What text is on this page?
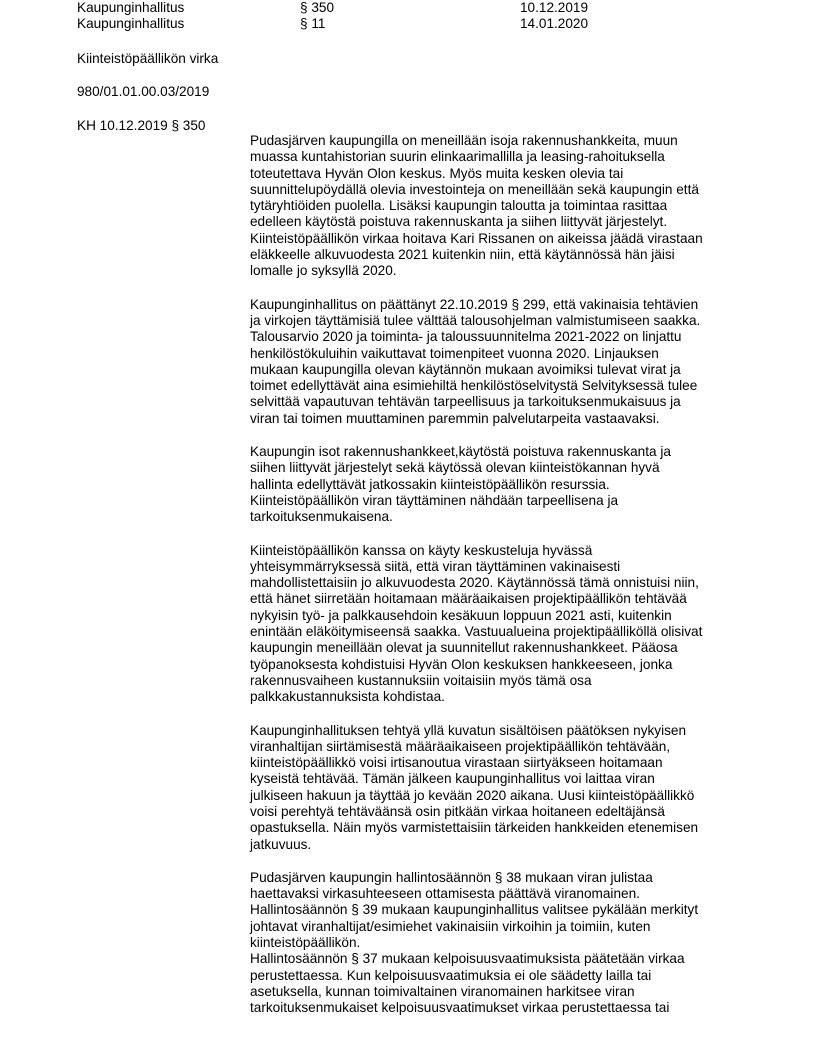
Kaupunginhallitus	§ 350	10.12.2019
Kaupunginhallitus	§ 11	14.01.2020
Kiinteistöpäällikön virka
980/01.01.00.03/2019
KH 10.12.2019 § 350
Pudasjärven kaupungilla on meneillään isoja rakennushankkeita, muun
muassa kuntahistorian suurin elinkaarimallilla ja leasing-rahoituksella
toteutettava Hyvän Olon keskus. Myös muita kesken olevia tai
suunnittelupöydällä olevia investointeja on meneillään sekä kaupungin että
tytäryhtiöiden puolella. Lisäksi kaupungin taloutta ja toimintaa rasittaa
edelleen käytöstä poistuva rakennuskanta ja siihen liittyvät järjestelyt.
Kiinteistöpäällikön virkaa hoitava Kari Rissanen on aikeissa jäädä virastaan
eläkkeelle alkuvuodesta 2021 kuitenkin niin, että käytännössä hän jäisi
lomalle jo syksyllä 2020.
Kaupunginhallitus on päättänyt 22.10.2019 § 299, että vakinaisia tehtävien
ja virkojen täyttämisiä tulee välttää talousohjelman valmistumiseen saakka.
Talousarvio 2020 ja toiminta- ja taloussuunnitelma 2021-2022 on linjattu
henkilöstökuluihin vaikuttavat toimenpiteet vuonna 2020. Linjauksen
mukaan kaupungilla olevan käytännön mukaan avoimiksi tulevat virat ja
toimet edellyttävät aina esimiehiltä henkilöstöselvitystä Selvityksessä tulee
selvittää vapautuvan tehtävän tarpeellisuus ja tarkoituksenmukaisuus ja
viran tai toimen muuttaminen paremmin palvelutarpeita vastaavaksi.
Kaupungin isot rakennushankkeet,käytöstä poistuva rakennuskanta ja
siihen liittyvät järjestelyt sekä käytössä olevan kiinteistökannan hyvä
hallinta edellyttävät jatkossakin kiinteistöpäällikön resurssia.
Kiinteistöpäällikön viran täyttäminen nähdään tarpeellisena ja
tarkoituksenmukaisena.
Kiinteistöpäällikön kanssa on käyty keskusteluja hyvässä
yhteisymmärryksessä siitä, että viran täyttäminen vakinaisesti
mahdollistettaisiin jo alkuvuodesta 2020. Käytännössä tämä onnistuisi niin,
että hänet siirretään hoitamaan määräaikaisen projektipäällikön tehtävää
nykyisin työ- ja palkkausehdoin kesäkuun loppuun 2021 asti, kuitenkin
enintään eläköitymiseensä saakka. Vastuualueina projektipäälliköllä olisivat
kaupungin meneillään olevat ja suunnitellut rakennushankkeet. Pääosa
työpanoksesta kohdistuisi Hyvän Olon keskuksen hankkeeseen, jonka
rakennusvaiheen kustannuksiin voitaisiin myös tämä osa
palkkakustannuksista kohdistaa.
Kaupunginhallituksen tehtyä yllä kuvatun sisältöisen päätöksen nykyisen
viranhaltijan siirtämisestä määräaikaiseen projektipäällikön tehtävään,
kiinteistöpäällikkö voisi irtisanoutua virastaan siirtyäkseen hoitamaan
kyseistä tehtävää. Tämän jälkeen kaupunginhallitus voi laittaa viran
julkiseen hakuun ja täyttää jo kevään 2020 aikana. Uusi kiinteistöpäällikkö
voisi perehtyä tehtäväänsä osin pitkään virkaa hoitaneen edeltäjänsä
opastuksella. Näin myös varmistettaisiin tärkeiden hankkeiden etenemisen
jatkuvuus.
Pudasjärven kaupungin hallintosäännön § 38 mukaan viran julistaa
haettavaksi virkasuhteeseen ottamisesta päättävä viranomainen.
Hallintosäännön § 39 mukaan kaupunginhallitus valitsee pykälään merkityt
johtavat viranhaltijat/esimiehet vakinaisiin virkoihin ja toimiin, kuten
kiinteistöpäällikön.
Hallintosäännön § 37 mukaan kelpoisuusvaatimuksista päätetään virkaa
perustettaessa. Kun kelpoisuusvaatimuksia ei ole säädetty lailla tai
asetuksella, kunnan toimivaltainen viranomainen harkitsee viran
tarkoituksenmukaiset kelpoisuusvaatimukset virkaa perustettaessa tai
